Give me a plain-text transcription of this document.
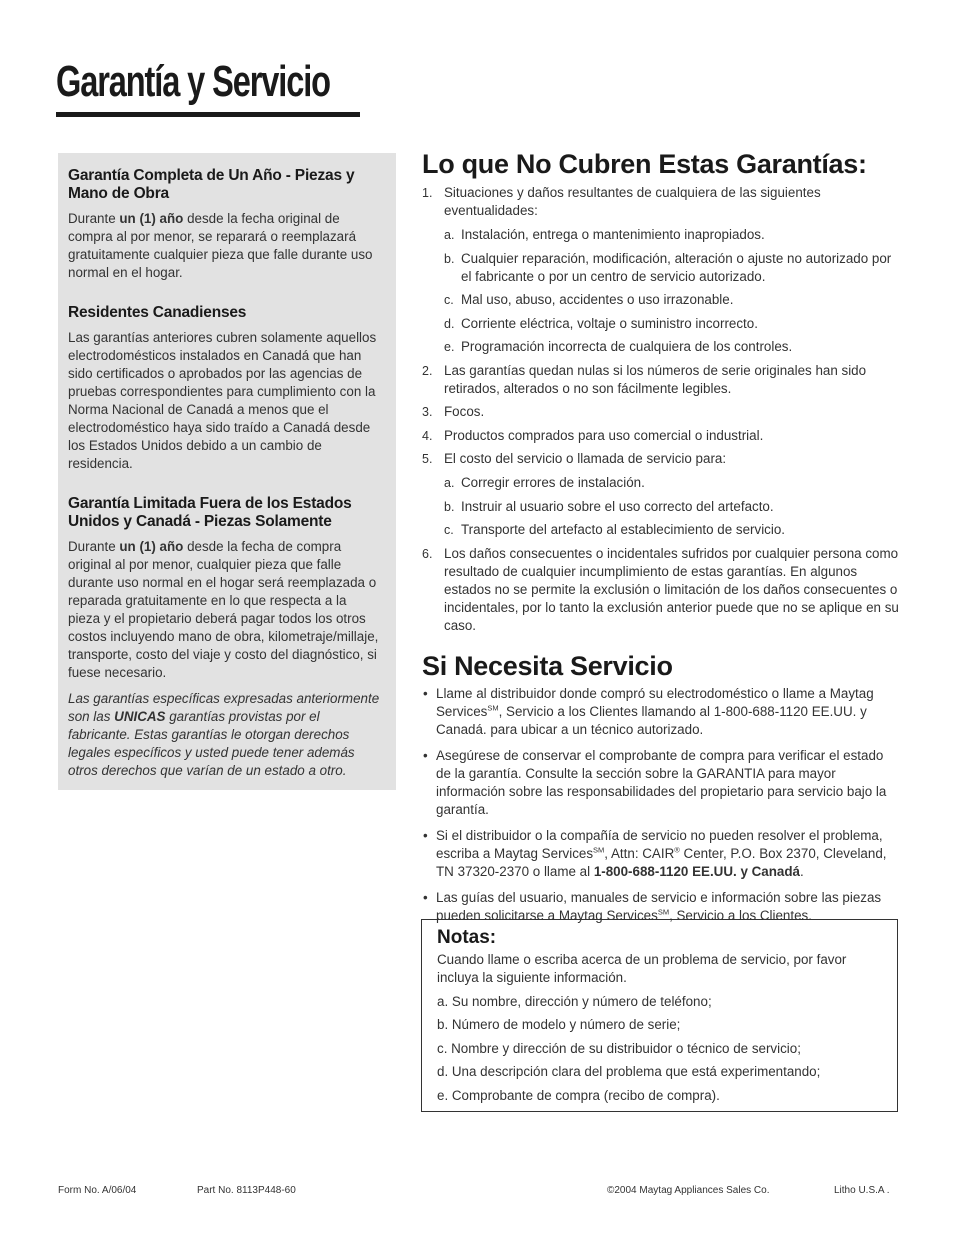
Garantía y Servicio
Garantía Completa de Un Año - Piezas y Mano de Obra

Durante un (1) año desde la fecha original de compra al por menor, se reparará o reemplazará gratuitamente cualquier pieza que falle durante uso normal en el hogar.

Residentes Canadienses

Las garantías anteriores cubren solamente aquellos electrodomésticos instalados en Canadá que han sido certificados o aprobados por las agencias de pruebas correspondientes para cumplimiento con la Norma Nacional de Canadá a menos que el electrodoméstico haya sido traído a Canadá desde los Estados Unidos debido a un cambio de residencia.

Garantía Limitada Fuera de los Estados Unidos y Canadá - Piezas Solamente

Durante un (1) año desde la fecha de compra original al por menor, cualquier pieza que falle durante uso normal en el hogar será reemplazada o reparada gratuitamente en lo que respecta a la pieza y el propietario deberá pagar todos los otros costos incluyendo mano de obra, kilometraje/millaje, transporte, costo del viaje y costo del diagnóstico, si fuese necesario.

Las garantías específicas expresadas anteriormente son las UNICAS garantías provistas por el fabricante. Estas garantías le otorgan derechos legales específicos y usted puede tener además otros derechos que varían de un estado a otro.

Lo que No Cubren Estas Garantías:
1. Situaciones y daños resultantes de cualquiera de las siguientes eventualidades:
a. Instalación, entrega o mantenimiento inapropiados.
b. Cualquier reparación, modificación, alteración o ajuste no autorizado por el fabricante o por un centro de servicio autorizado.
c. Mal uso, abuso, accidentes o uso irrazonable.
d. Corriente eléctrica, voltaje o suministro incorrecto.
e. Programación incorrecta de cualquiera de los controles.
2. Las garantías quedan nulas si los números de serie originales han sido retirados, alterados o no son fácilmente legibles.
3. Focos.
4. Productos comprados para uso comercial o industrial.
5. El costo del servicio o llamada de servicio para:
a. Corregir errores de instalación.
b. Instruir al usuario sobre el uso correcto del artefacto.
c. Transporte del artefacto al establecimiento de servicio.
6. Los daños consecuentes o incidentales sufridos por cualquier persona como resultado de cualquier incumplimiento de estas garantías. En algunos estados no se permite la exclusión o limitación de los daños consecuentes o incidentales, por lo tanto la exclusión anterior puede que no se aplique en su caso.
Si Necesita Servicio
• Llame al distribuidor donde compró su electrodoméstico o llame a Maytag Services℠, Servicio a los Clientes llamando al 1-800-688-1120 EE.UU. y Canadá. para ubicar a un técnico autorizado.
• Asegúrese de conservar el comprobante de compra para verificar el estado de la garantía. Consulte la sección sobre la GARANTIA para mayor información sobre las responsabilidades del propietario para servicio bajo la garantía.
• Si el distribuidor o la compañía de servicio no pueden resolver el problema, escriba a Maytag Services℠, Attn: CAIR® Center, P.O. Box 2370, Cleveland, TN 37320-2370 o llame al 1-800-688-1120 EE.UU. y Canadá.
• Las guías del usuario, manuales de servicio e información sobre las piezas pueden solicitarse a Maytag Services℠, Servicio a los Clientes.
Notas:

Cuando llame o escriba acerca de un problema de servicio, por favor incluya la siguiente información.

a. Su nombre, dirección y número de teléfono;

b. Número de modelo y número de serie;

c. Nombre y dirección de su distribuidor o técnico de servicio;

d. Una descripción clara del problema que está experimentando;

e. Comprobante de compra (recibo de compra).

Form No. A/06/04	Part No. 8113P448-60	©2004 Maytag Appliances Sales Co.	Litho U.S.A .
